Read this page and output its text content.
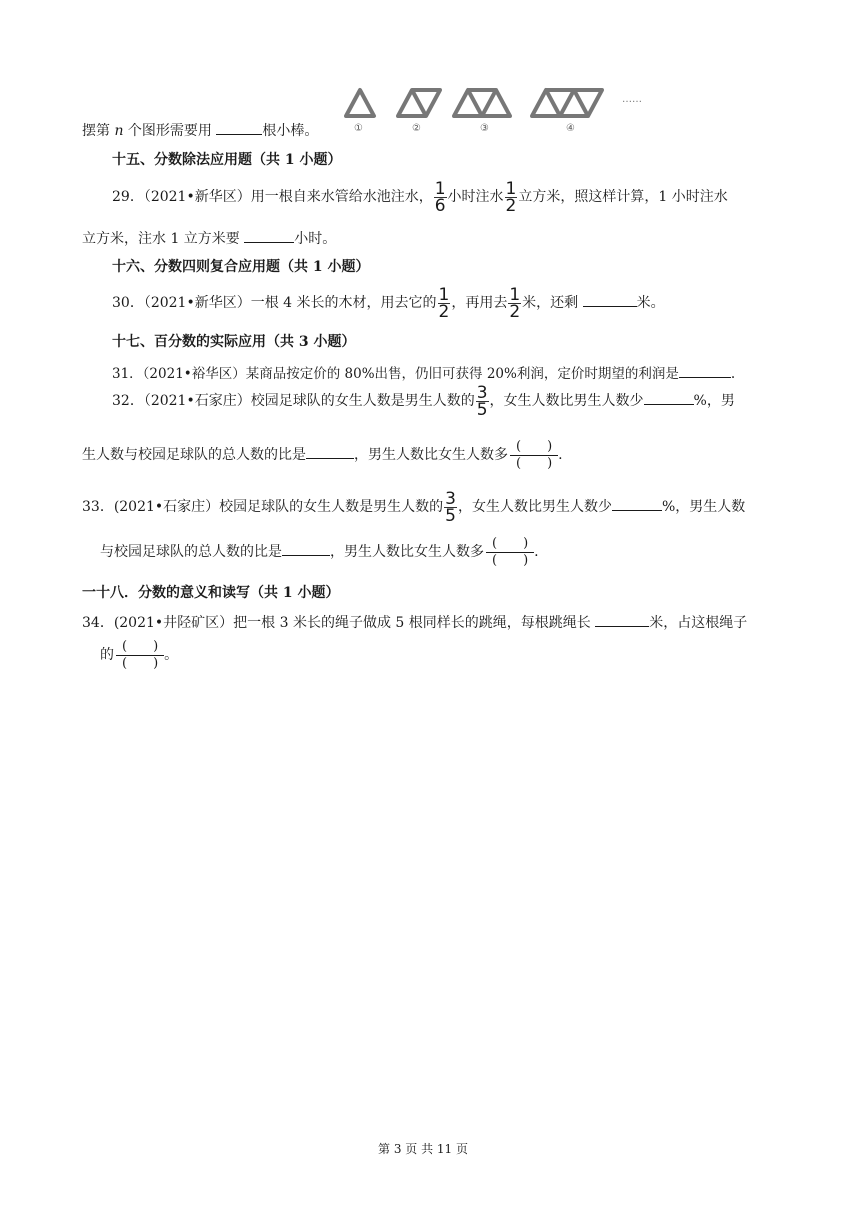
……
①	②	③	④
摆第 n 个图形需要用	根小棒。
十五、分数除法应用题（共 1 小题）
29．（2021•新华区）用一根自来水管给水池注水， $\frac{1}{6}$ 小时注水 $\frac{1}{2}$ 立方米，照这样计算，1 小时注水
立方米，注水 1 立方米要	小时。
十六、分数四则复合应用题（共 1 小题）
30．（2021•新华区）一根 4 米长的木材，用去它的 $\frac{1}{2}$ ，再用去 $\frac{1}{2}$ 米，还剩	米。
十七、百分数的实际应用（共 3 小题）
31．（2021•裕华区）某商品按定价的 80%出售，仍旧可获得 20%利润，定价时期望的利润是	.
32．（2021•石家庄）校园足球队的女生人数是男生人数的 $\frac{3}{5}$ ，女生人数比男生人数少	%，男
生人数与校园足球队的总人数的比是	，男生人数比女生人数多
(　　)
(　　) .
33．(2021•石家庄）校园足球队的女生人数是男生人数的 $\frac{3}{5}$ ，女生人数比男生人数少	%，男生人数
与校园足球队的总人数的比是	，男生人数比女生人数多
(　　)
(　　) .
一十八．分数的意义和读写（共 1 小题）
34．(2021•井陉矿区）把一根 3 米长的绳子做成 5 根同样长的跳绳，每根跳绳长	米，占这根绳子
的
(　　)
(　　) 。
第 3 页 共 11 页
